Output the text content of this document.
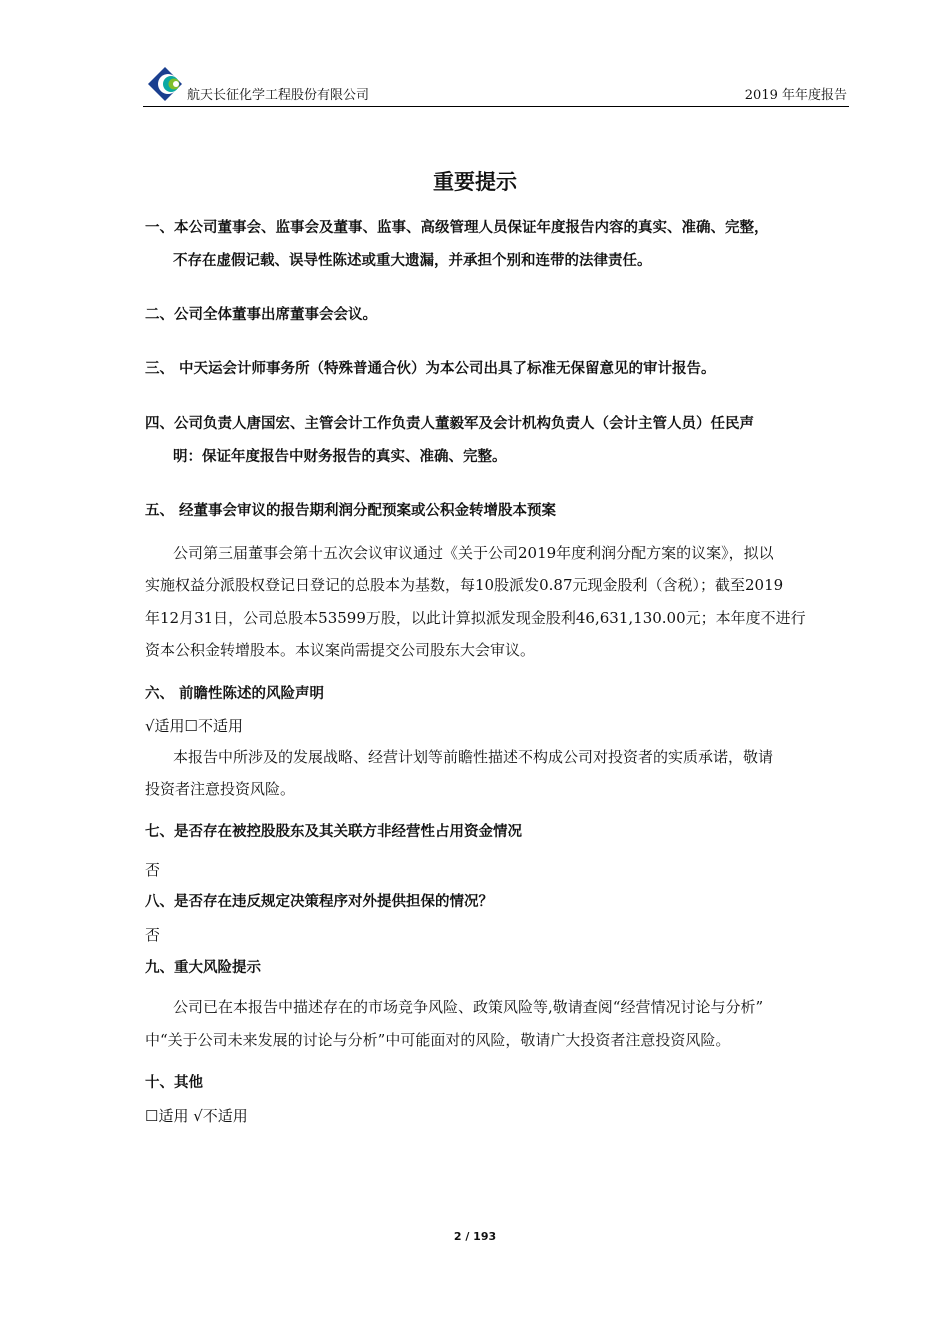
航天长征化学工程股份有限公司	2019 年年度报告
重要提示
一、本公司董事会、监事会及董事、监事、高级管理人员保证年度报告内容的真实、准确、完整，
不存在虚假记载、误导性陈述或重大遗漏，并承担个别和连带的法律责任。
二、公司全体董事出席董事会会议。
三、 中天运会计师事务所（特殊普通合伙）为本公司出具了标准无保留意见的审计报告。
四、公司负责人唐国宏、主管会计工作负责人董毅军及会计机构负责人（会计主管人员）任民声
明：保证年度报告中财务报告的真实、准确、完整。
五、 经董事会审议的报告期利润分配预案或公积金转增股本预案
公司第三届董事会第十五次会议审议通过《关于公司2019年度利润分配方案的议案》，拟以
实施权益分派股权登记日登记的总股本为基数，每10股派发0.87元现金股利（含税）；截至2019
年12月31日，公司总股本53599万股，以此计算拟派发现金股利46,631,130.00元；本年度不进行
资本公积金转增股本。本议案尚需提交公司股东大会审议。
六、 前瞻性陈述的风险声明
√适用☐不适用
本报告中所涉及的发展战略、经营计划等前瞻性描述不构成公司对投资者的实质承诺，敬请
投资者注意投资风险。
七、是否存在被控股股东及其关联方非经营性占用资金情况
否
八、是否存在违反规定决策程序对外提供担保的情况？
否
九、重大风险提示
公司已在本报告中描述存在的市场竞争风险、政策风险等,敬请查阅“经营情况讨论与分析”
中“关于公司未来发展的讨论与分析”中可能面对的风险，敬请广大投资者注意投资风险。
十、其他
☐适用 √不适用
2 / 193
